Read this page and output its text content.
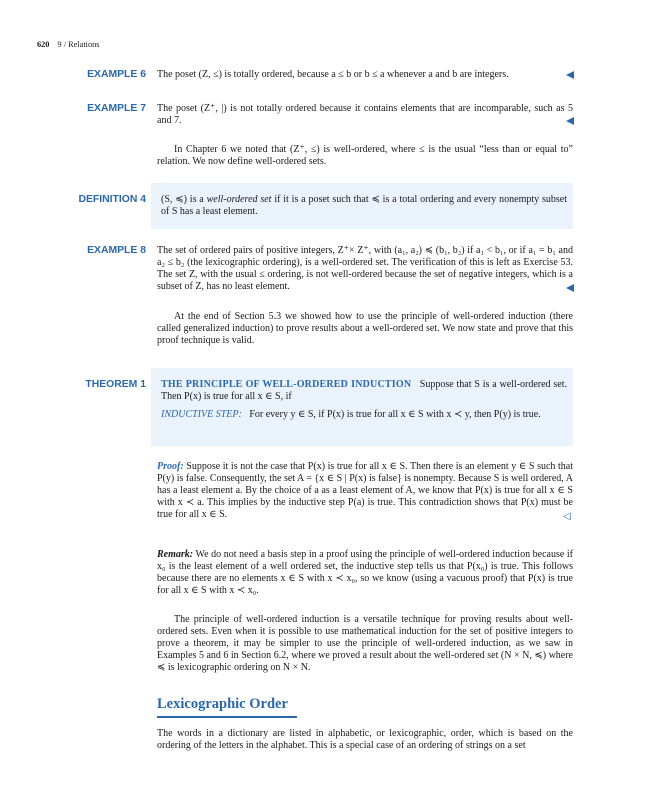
620 9 / Relations
EXAMPLE 6 The poset (Z, ≤) is totally ordered, because a ≤ b or b ≤ a whenever a and b are integers.
EXAMPLE 7 The poset (Z⁺, |) is not totally ordered because it contains elements that are incomparable, such as 5 and 7.
In Chapter 6 we noted that (Z⁺, ≤) is well-ordered, where ≤ is the usual “less than or equal to” relation. We now define well-ordered sets.
DEFINITION 4 (S, ≼) is a well-ordered set if it is a poset such that ≼ is a total ordering and every nonempty subset of S has a least element.
EXAMPLE 8 The set of ordered pairs of positive integers, Z⁺× Z⁺, with (a₁, a₂) ≼ (b₁, b₂) if a₁ < b₁, or if a₁ = b₁ and a₂ ≤ b₂ (the lexicographic ordering), is a well-ordered set. The verification of this is left as Exercise 53. The set Z, with the usual ≤ ordering, is not well-ordered because the set of negative integers, which is a subset of Z, has no least element.
At the end of Section 5.3 we showed how to use the principle of well-ordered induction (there called generalized induction) to prove results about a well-ordered set. We now state and prove that this proof technique is valid.
THEOREM 1 THE PRINCIPLE OF WELL-ORDERED INDUCTION Suppose that S is a well-ordered set. Then P(x) is true for all x ∈ S, if
INDUCTIVE STEP: For every y ∈ S, if P(x) is true for all x ∈ S with x ≺ y, then P(y) is true.
Proof: Suppose it is not the case that P(x) is true for all x ∈ S. Then there is an element y ∈ S such that P(y) is false. Consequently, the set A = {x ∈ S | P(x) is false} is nonempty. Because S is well ordered, A has a least element a. By the choice of a as a least element of A, we know that P(x) is true for all x ∈ S with x ≺ a. This implies by the inductive step P(a) is true. This contradiction shows that P(x) must be true for all x ∈ S.	◁
Remark: We do not need a basis step in a proof using the principle of well-ordered induction because if x₀ is the least element of a well ordered set, the inductive step tells us that P(x₀) is true. This follows because there are no elements x ∈ S with x ≺ x₀, so we know (using a vacuous proof) that P(x) is true for all x ∈ S with x ≺ x₀.
The principle of well-ordered induction is a versatile technique for proving results about well-ordered sets. Even when it is possible to use mathematical induction for the set of positive integers to prove a theorem, it may be simpler to use the principle of well-ordered induction, as we saw in Examples 5 and 6 in Section 6.2, where we proved a result about the well-ordered set (N × N, ≼) where ≼ is lexicographic ordering on N × N.
Lexicographic Order
The words in a dictionary are listed in alphabetic, or lexicographic, order, which is based on the ordering of the letters in the alphabet. This is a special case of an ordering of strings on a set
